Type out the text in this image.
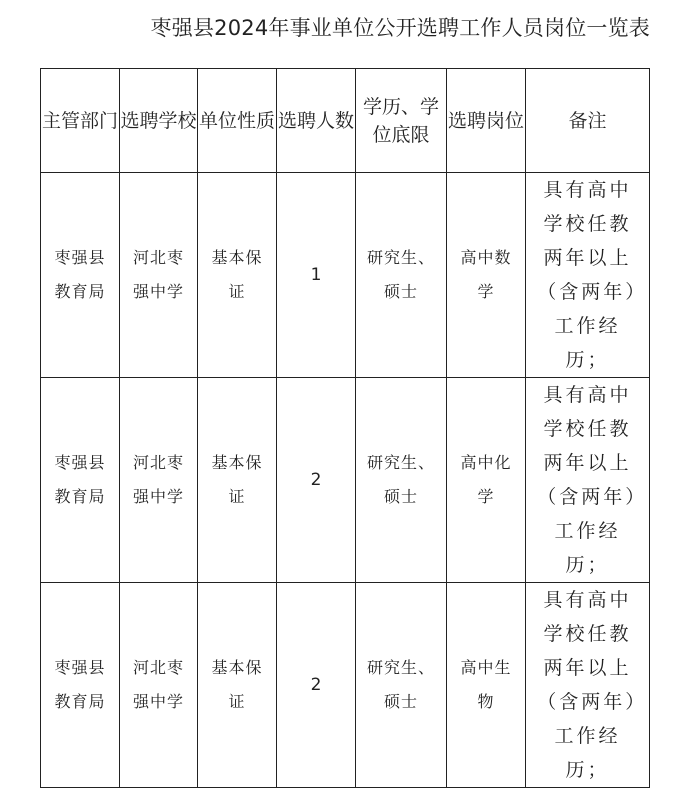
枣强县2024年事业单位公开选聘工作人员岗位一览表
主管部门	选聘学校	单位性质	选聘人数	学历、学位底限	选聘岗位	备注

枣强县教育局	河北枣强中学	基本保证	1	研究生、硕士	高中数学	具有高中学校任教两年以上（含两年）工作经历；

枣强县教育局	河北枣强中学	基本保证	2	研究生、硕士	高中化学	具有高中学校任教两年以上（含两年）工作经历；

枣强县教育局	河北枣强中学	基本保证	2	研究生、硕士	高中生物	具有高中学校任教两年以上（含两年）工作经历；
